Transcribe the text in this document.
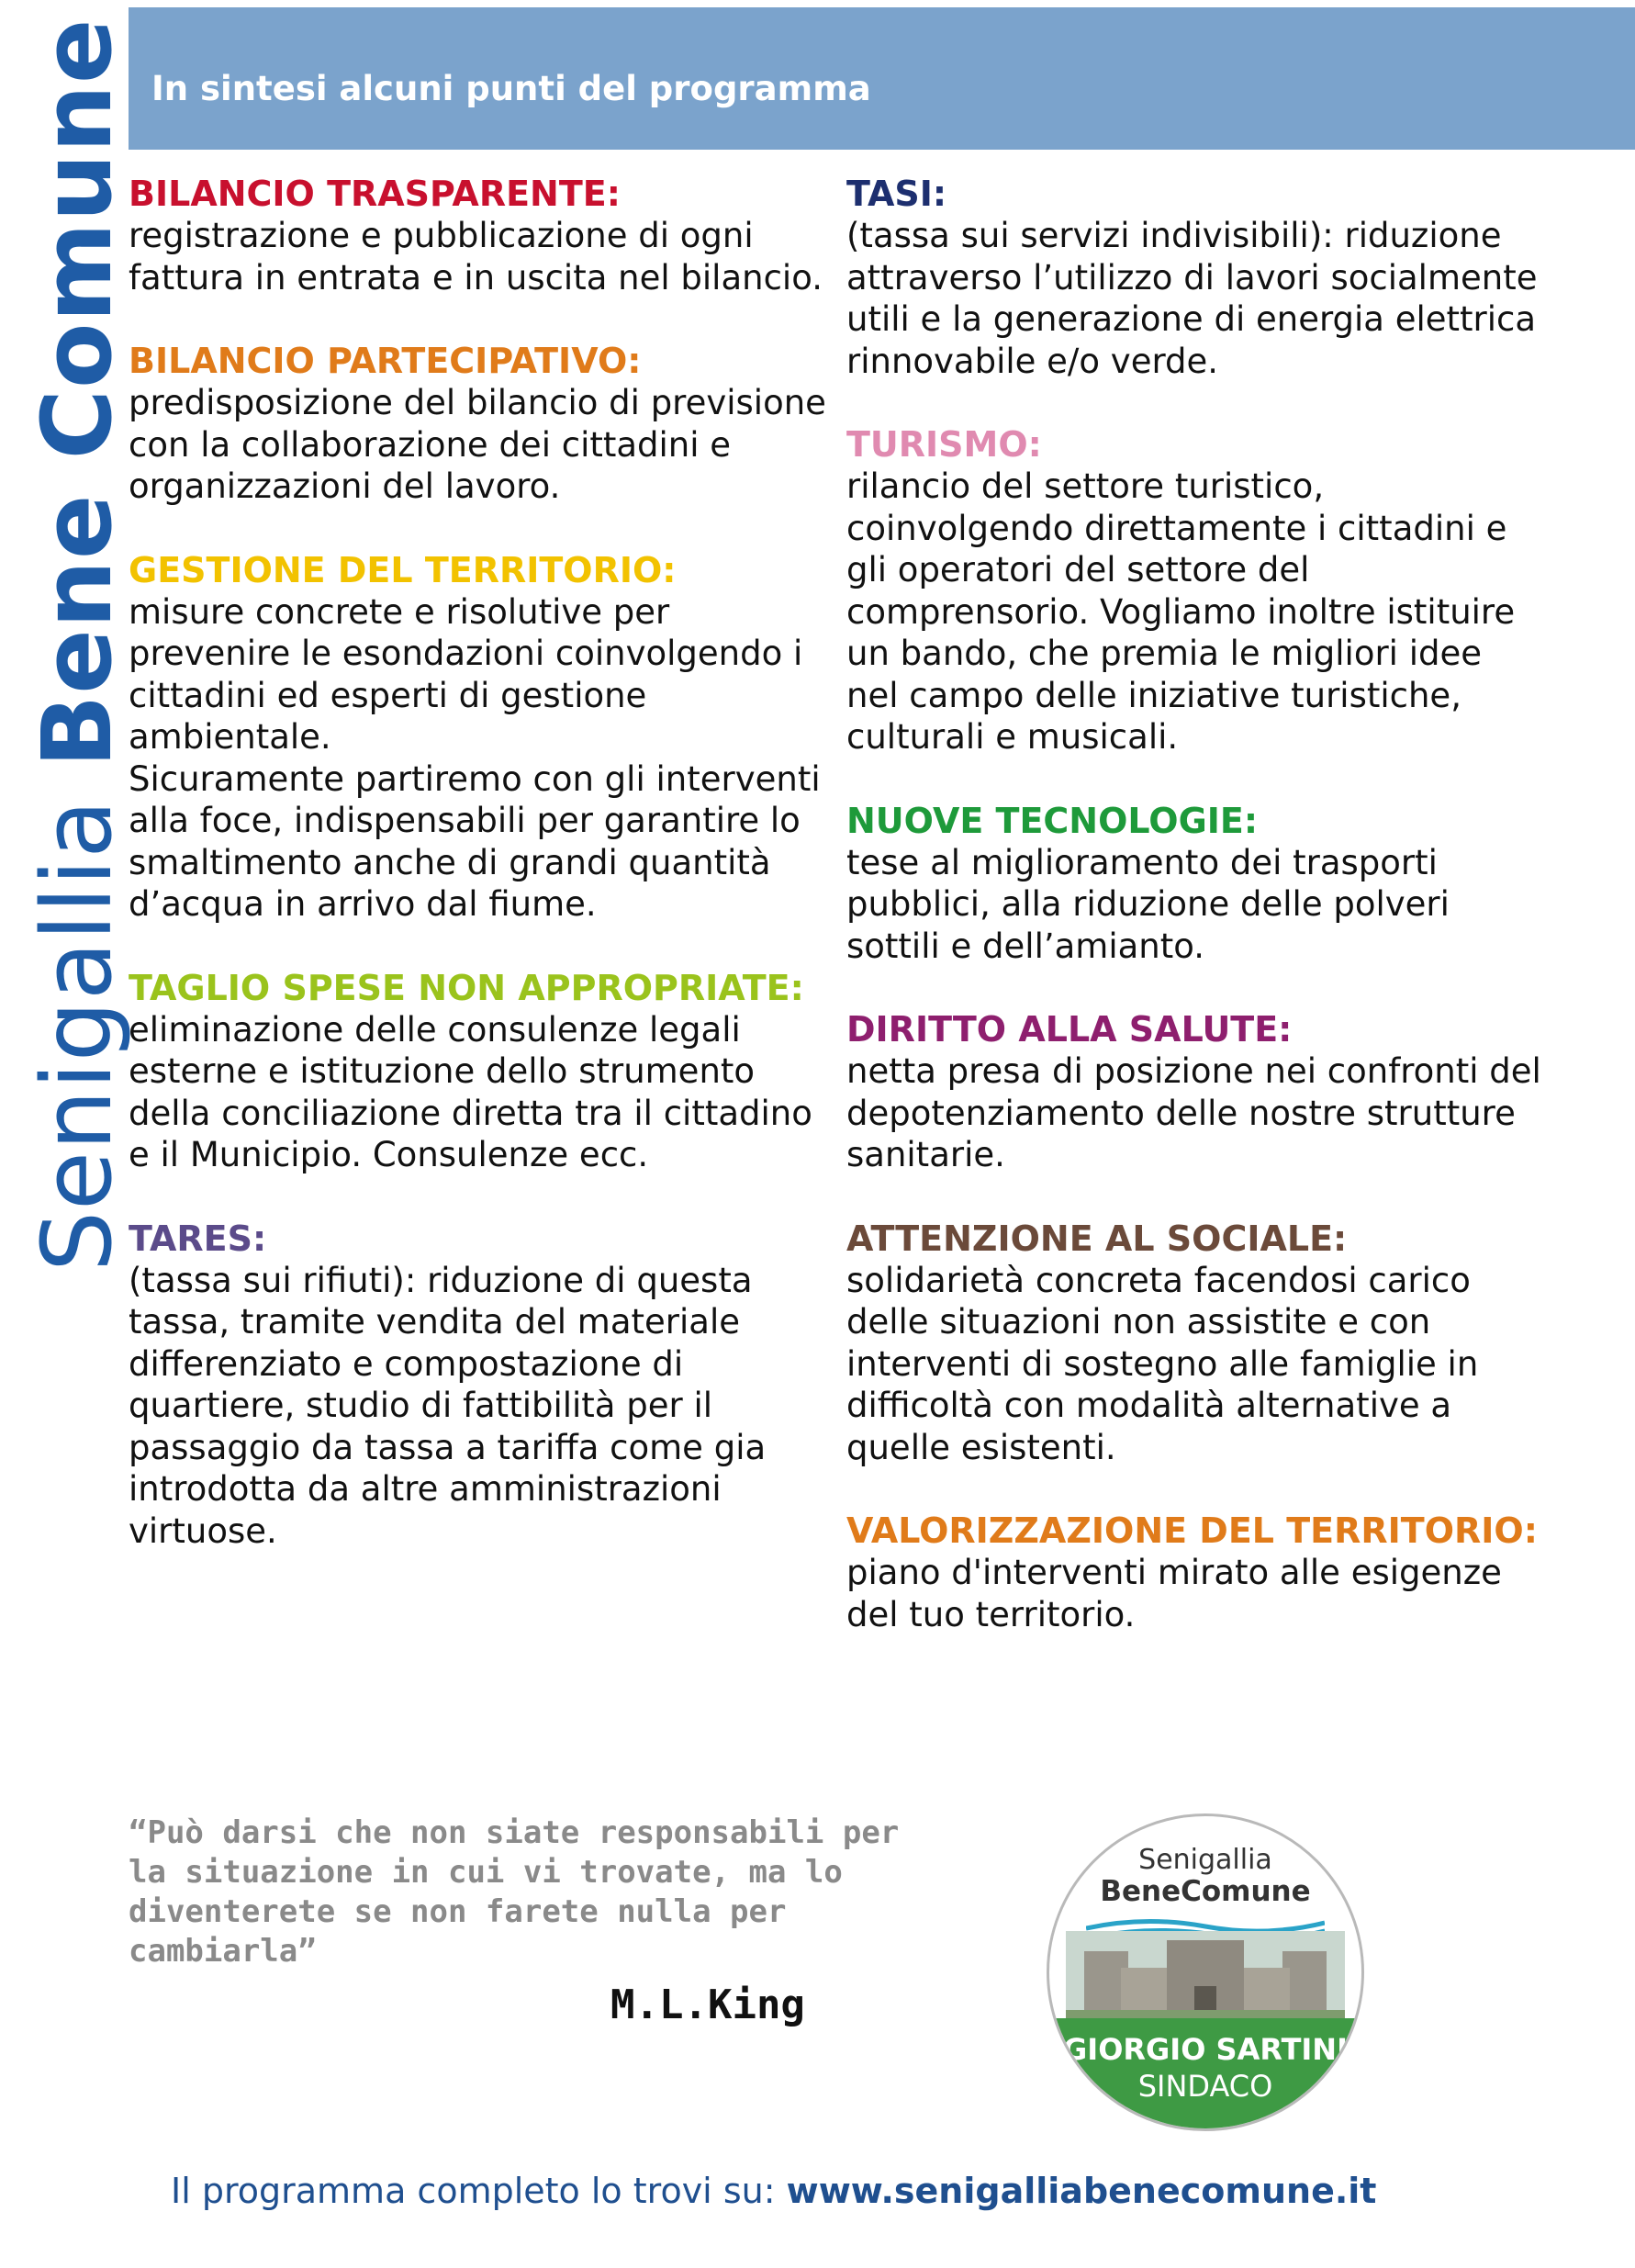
In sintesi alcuni punti del programma
Senigallia Bene Comune
BILANCIO TRASPARENTE:
registrazione e pubblicazione di ogni fattura in entrata e in uscita nel bilancio.
BILANCIO PARTECIPATIVO:
predisposizione del bilancio di previsione con la collaborazione dei cittadini e organizzazioni del lavoro.
GESTIONE DEL TERRITORIO:
misure concrete e risolutive per prevenire le esondazioni coinvolgendo i cittadini ed esperti di gestione ambientale.
Sicuramente partiremo con gli interventi alla foce, indispensabili per garantire lo smaltimento anche di grandi quantità d’acqua in arrivo dal fiume.
TAGLIO SPESE NON APPROPRIATE:
eliminazione delle consulenze legali esterne e istituzione dello strumento della conciliazione diretta tra il cittadino e il Municipio. Consulenze ecc.
TARES:
(tassa sui rifiuti): riduzione di questa tassa, tramite vendita del materiale differenziato e compostazione di quartiere, studio di fattibilità per il passaggio da tassa a tariffa come gia introdotta da altre amministrazioni virtuose.
TASI:
(tassa sui servizi indivisibili): riduzione attraverso l’utilizzo di lavori socialmente utili e la generazione di energia elettrica rinnovabile e/o verde.
TURISMO:
rilancio del settore turistico, coinvolgendo direttamente i cittadini e gli operatori del settore del comprensorio. Vogliamo inoltre istituire un bando, che premia le migliori idee nel campo delle iniziative turistiche, culturali e musicali.
NUOVE TECNOLOGIE:
tese al miglioramento dei trasporti pubblici, alla riduzione delle polveri sottili e dell’amianto.
DIRITTO ALLA SALUTE:
netta presa di posizione nei confronti del depotenziamento delle nostre strutture sanitarie.
ATTENZIONE AL SOCIALE:
solidarietà concreta facendosi carico delle situazioni non assistite e con interventi di sostegno alle famiglie in difficoltà con modalità alternative a quelle esistenti.
VALORIZZAZIONE DEL TERRITORIO:
piano d'interventi mirato alle esigenze del tuo territorio.
“Può darsi che non siate responsabili per la situazione in cui vi trovate, ma lo diventerete se non farete nulla per cambiarla”
M.L.King
Senigallia
BeneComune
GIORGIO SARTINI
SINDACO
Il programma completo lo trovi su: www.senigalliabenecomune.it
